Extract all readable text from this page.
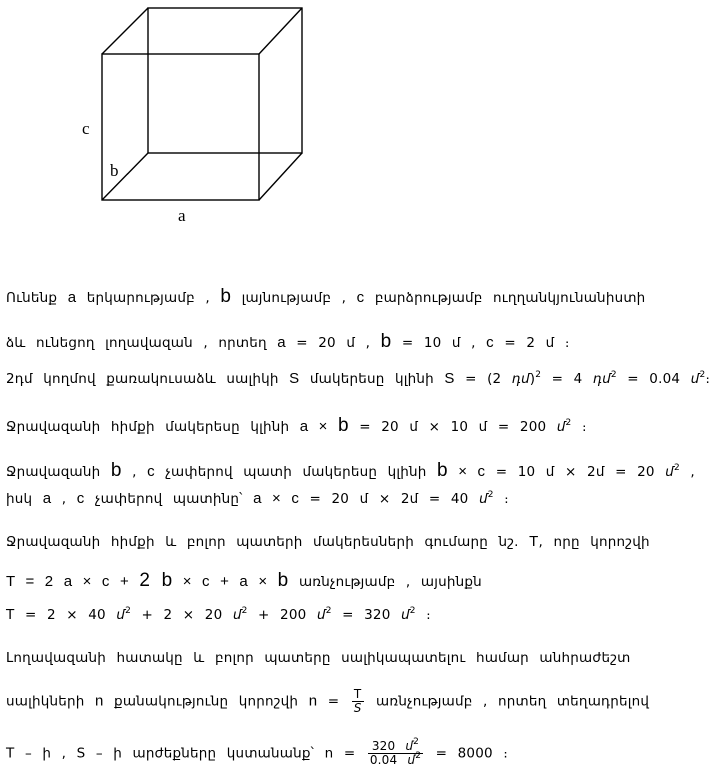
c
b
a
Ունենք a երկարությամբ , b լայնությամբ , c բարձրությամբ ուղղանկյունանիստի
ձև ունեցող լողավազան , որտեղ a = 20 մ , b = 10 մ , c = 2 մ ։
2դմ կողմով քառակուսաձև սալիկի S մակերեսը կլինի S = (2 դմ)$^2$ = 4 դմ$^2$ = 0.04 մ$^2$։
Ջրավազանի հիմքի մակերեսը կլինի a × b = 20 մ × 10 մ = 200 մ$^2$ ։
Ջրավազանի b , c չափերով պատի մակերեսը կլինի b × c = 10 մ × 2մ = 20 մ$^2$ ,
իսկ a , c չափերով պատինը՝ a × c = 20 մ × 2մ = 40 մ$^2$ ։
Ջրավազանի հիմքի և բոլոր պատերի մակերեսների գումարը նշ. T, որը կորոշվի
T = 2 a × c + 2 b × c + a × b առնչությամբ , այսինքն
T = 2 × 40 մ$^2$ + 2 × 20 մ$^2$ + 200 մ$^2$ = 320 մ$^2$ ։
Լողավազանի հատակը և բոլոր պատերը սալիկապատելու համար անհրաժեշտ
սալիկների n քանակությունը կորոշվի $n = \frac{T}{S}$ առնչությամբ , որտեղ տեղադրելով
T – ի , S – ի արժեքները կստանանք՝ $n = \frac{320 մ^2}{0.04 մ^2} = 8000$ ։
